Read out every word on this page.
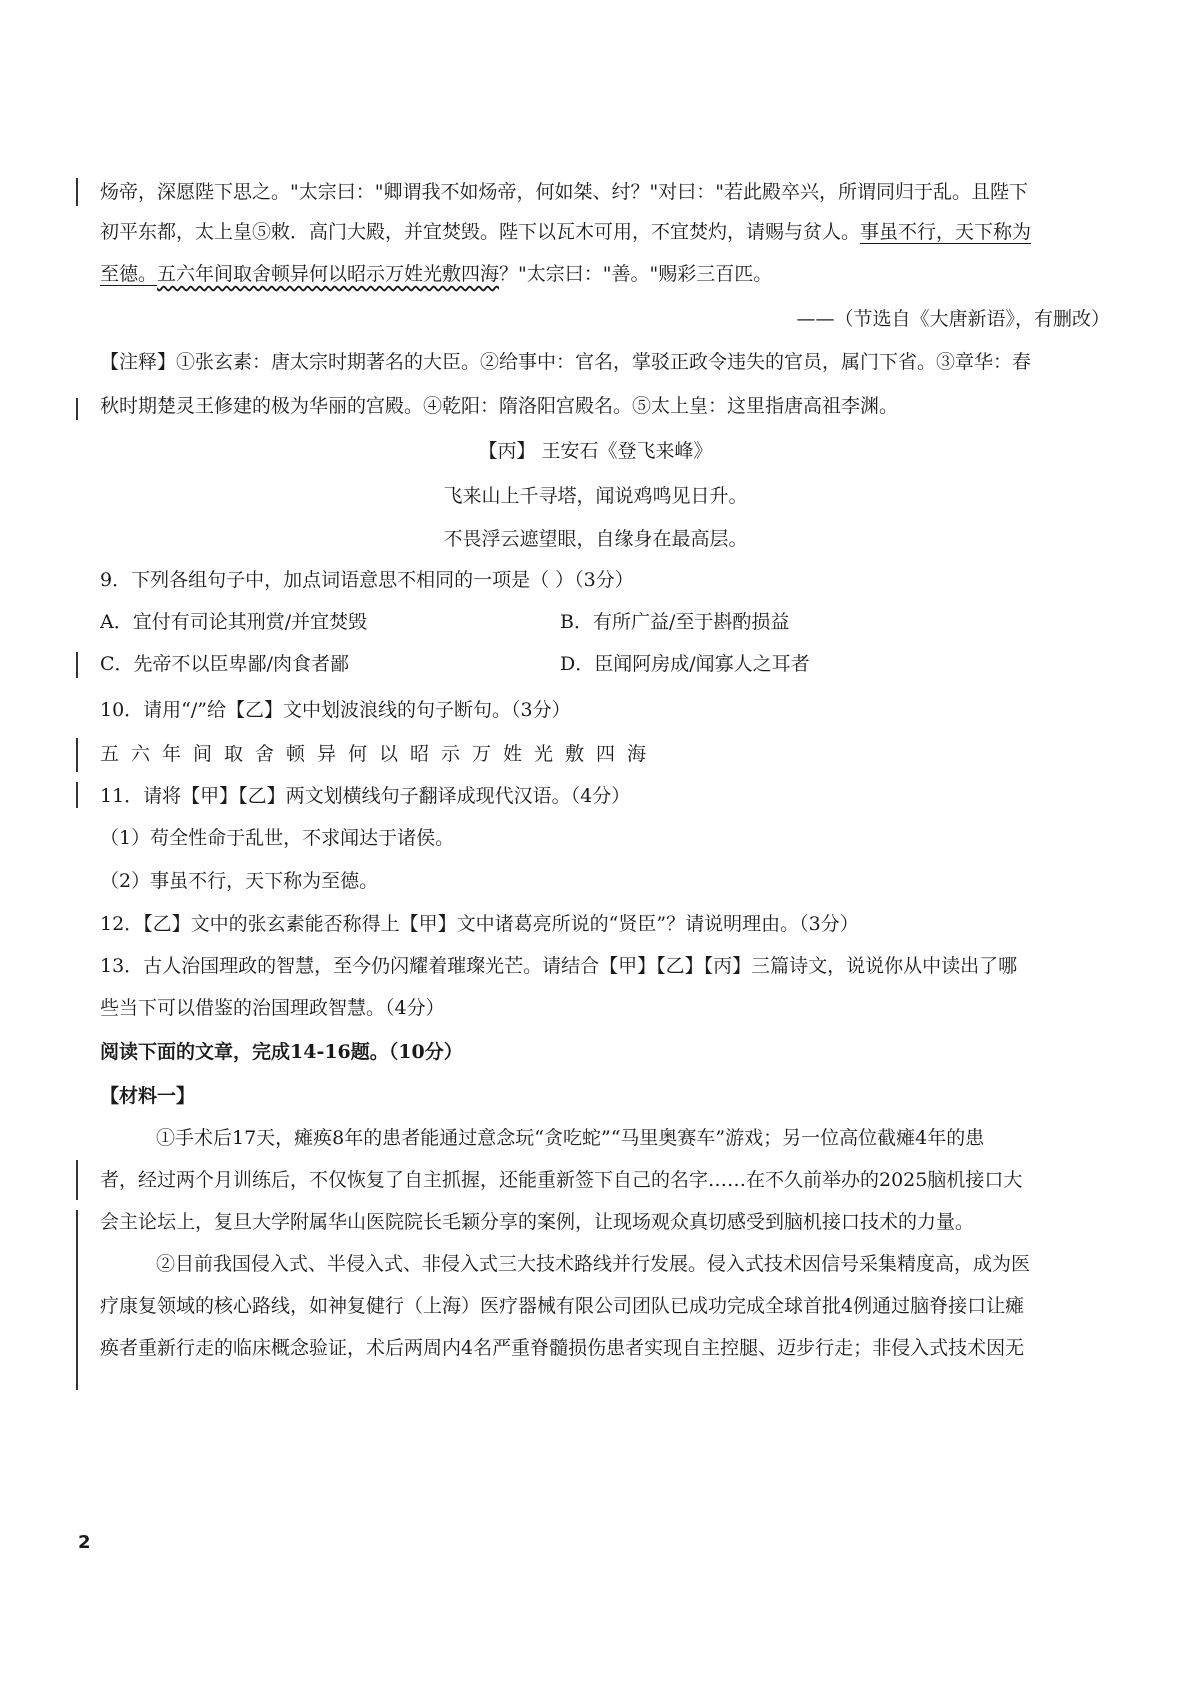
炀帝，深愿陛下思之。"太宗曰："卿谓我不如炀帝，何如桀、纣？"对曰："若此殿卒兴，所谓同归于乱。且陛下
初平东都，太上皇⑤敕．高门大殿，并宜焚毁。陛下以瓦木可用，不宜焚灼，请赐与贫人。事虽不行，天下称为
至德。五六年间取舍顿异何以昭示万姓光敷四海？"太宗曰："善。"赐彩三百匹。
——（节选自《大唐新语》，有删改）
【注释】①张玄素：唐太宗时期著名的大臣。②给事中：官名，掌驳正政令违失的官员，属门下省。③章华：春
秋时期楚灵王修建的极为华丽的宫殿。④乾阳：隋洛阳宫殿名。⑤太上皇：这里指唐高祖李渊。
【丙】 王安石《登飞来峰》
飞来山上千寻塔，闻说鸡鸣见日升。
不畏浮云遮望眼，自缘身在最高层。
9．下列各组句子中，加点词语意思不相同的一项是（ ）（3分）
A．宜付有司论其刑赏/并宜焚毁	B．有所广益/至于斟酌损益
C．先帝不以臣卑鄙/肉食者鄙	D．臣闻阿房成/闻寡人之耳者
10．请用“/”给【乙】文中划波浪线的句子断句。（3分）
五六年间取舍顿异何以昭示万姓光敷四海
11．请将【甲】【乙】两文划横线句子翻译成现代汉语。（4分）
（1）苟全性命于乱世，不求闻达于诸侯。
（2）事虽不行，天下称为至德。
12．【乙】文中的张玄素能否称得上【甲】文中诸葛亮所说的“贤臣”？请说明理由。（3分）
13．古人治国理政的智慧，至今仍闪耀着璀璨光芒。请结合【甲】【乙】【丙】三篇诗文，说说你从中读出了哪
些当下可以借鉴的治国理政智慧。（4分）
阅读下面的文章，完成14-16题。（10分）
【材料一】
①手术后17天，瘫痪8年的患者能通过意念玩“贪吃蛇”“马里奥赛车”游戏；另一位高位截瘫4年的患
者，经过两个月训练后，不仅恢复了自主抓握，还能重新签下自己的名字……在不久前举办的2025脑机接口大
会主论坛上，复旦大学附属华山医院院长毛颖分享的案例，让现场观众真切感受到脑机接口技术的力量。
②目前我国侵入式、半侵入式、非侵入式三大技术路线并行发展。侵入式技术因信号采集精度高，成为医
疗康复领域的核心路线，如神复健行（上海）医疗器械有限公司团队已成功完成全球首批4例通过脑脊接口让瘫
痪者重新行走的临床概念验证，术后两周内4名严重脊髓损伤患者实现自主控腿、迈步行走；非侵入式技术因无
2
